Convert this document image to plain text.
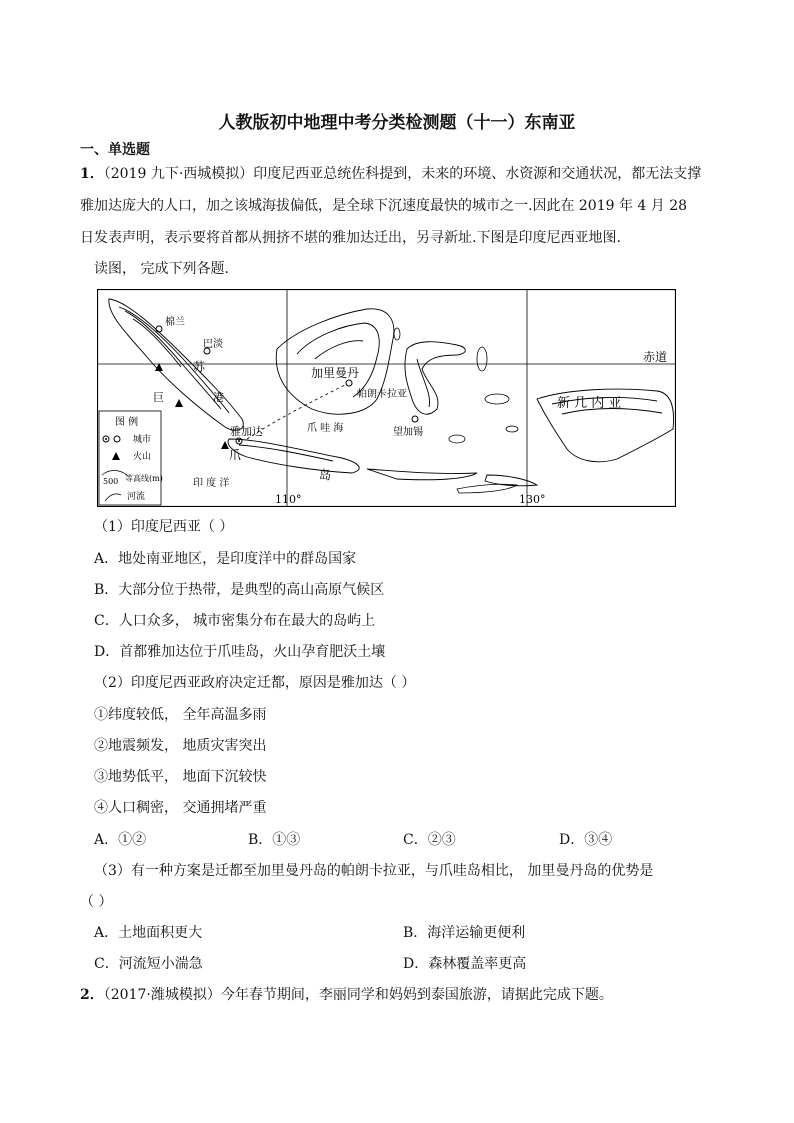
人教版初中地理中考分类检测题（十一）东南亚
一、单选题
1．（2019 九下·西城模拟）印度尼西亚总统佐科提到，未来的环境、水资源和交通状况，都无法支撑
雅加达庞大的人口，加之该城海拔偏低，是全球下沉速度最快的城市之一.因此在 2019 年 4 月 28
日发表声明，表示要将首都从拥挤不堪的雅加达迁出，另寻新址.下图是印度尼西亚地图.
读图， 完成下列各题.
图 例
城市
火山
500 等高线(m)
河流
赤道
110°	130°
雅加达
帕朗卡拉亚
爪 哇 海
印 度 洋
棉兰
巴淡
望加锡
加里曼丹
新 几 内 亚
爪
岛
苏
巨	港
（1）印度尼西亚（ ）
A．地处南亚地区，是印度洋中的群岛国家
B．大部分位于热带，是典型的高山高原气候区
C．人口众多， 城市密集分布在最大的岛屿上
D．首都雅加达位于爪哇岛，火山孕育肥沃土壤
（2）印度尼西亚政府决定迁都，原因是雅加达（ ）
①纬度较低， 全年高温多雨
②地震频发， 地质灾害突出
③地势低平， 地面下沉较快
④人口稠密， 交通拥堵严重
A．①②	B．①③	C．②③	D．③④
（3）有一种方案是迁都至加里曼丹岛的帕朗卡拉亚，与爪哇岛相比， 加里曼丹岛的优势是
（ ）
A．土地面积更大	B．海洋运输更便利
C．河流短小湍急	D．森林覆盖率更高
2．（2017·潍城模拟）今年春节期间，李丽同学和妈妈到泰国旅游，请据此完成下题。
